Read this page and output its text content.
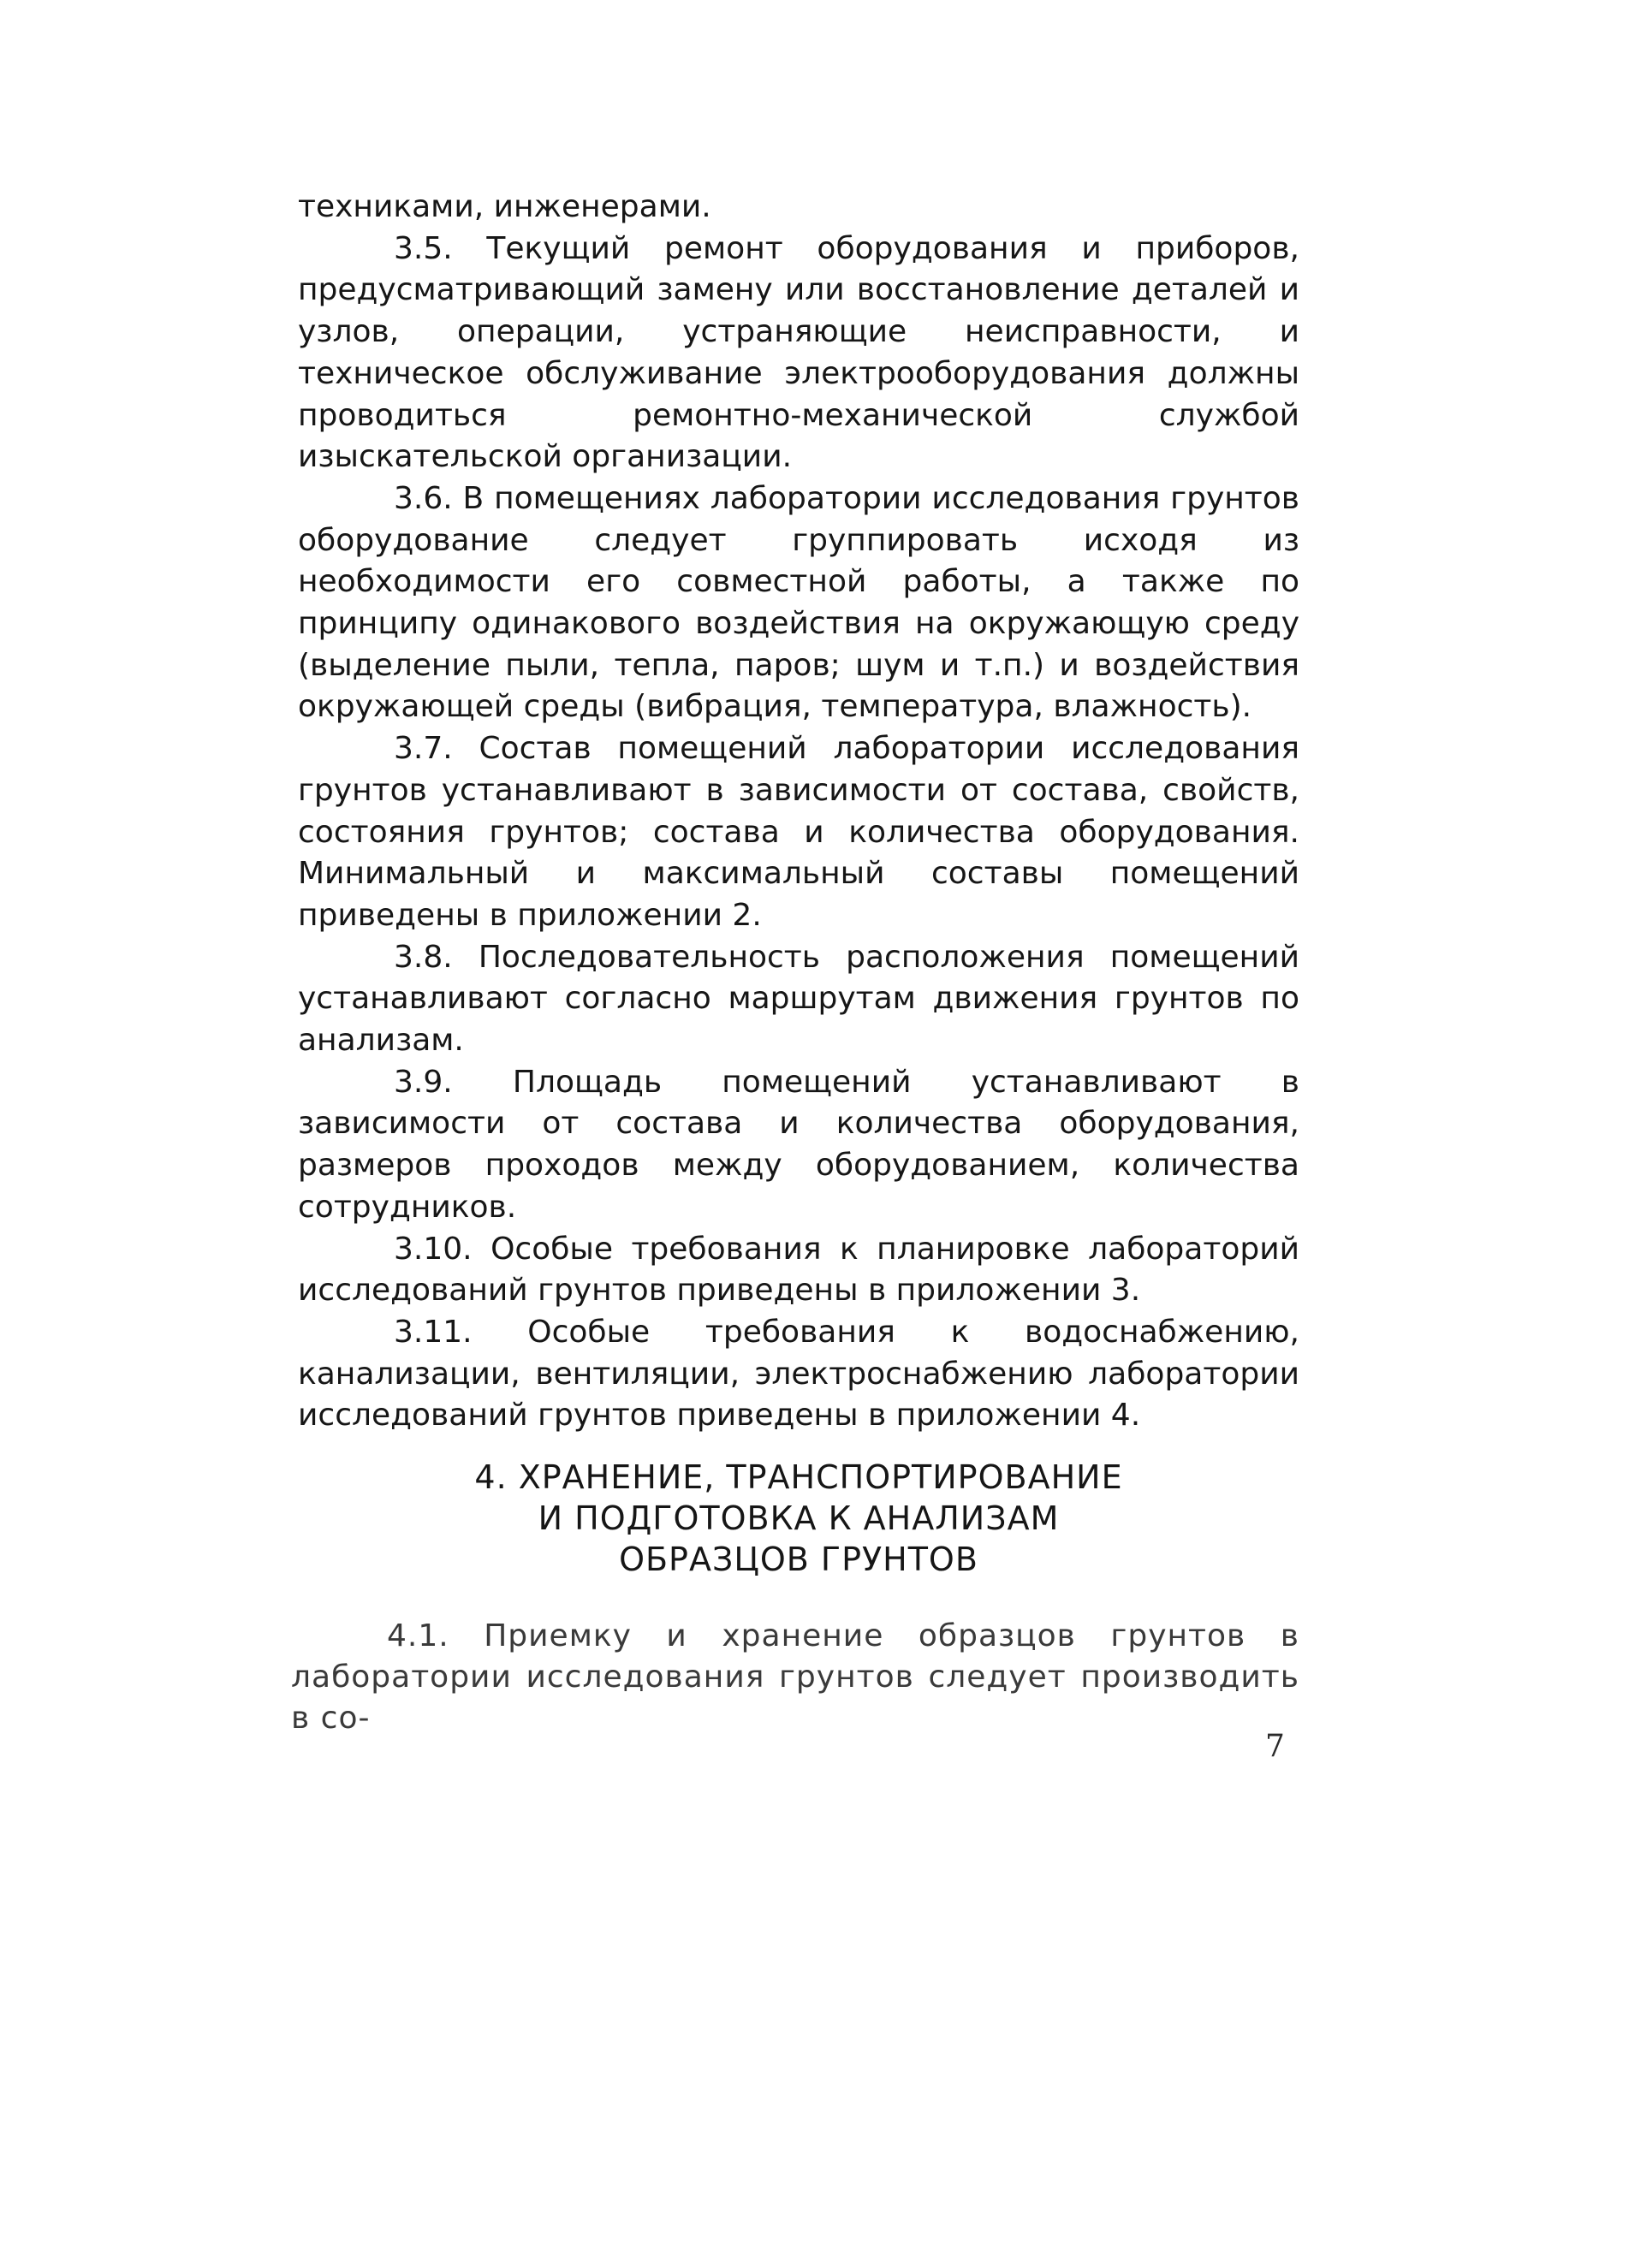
техниками, инженерами.

3.5. Текущий ремонт оборудования и приборов, предусматривающий замену или восстановление деталей и узлов, операции, устраняющие неисправности, и техническое обслуживание электрооборудования должны проводиться ремонтно-механической службой изыскательской организации.

3.6. В помещениях лаборатории исследования грунтов оборудование следует группировать исходя из необходимости его совместной работы, а также по принципу одинакового воздействия на окружающую среду (выделение пыли, тепла, паров; шум и т.п.) и воздействия окружающей среды (вибрация, температура, влажность).

3.7. Состав помещений лаборатории исследования грунтов устанавливают в зависимости от состава, свойств, состояния грунтов; состава и количества оборудования. Минимальный и максимальный составы помещений приведены в приложении 2.

3.8. Последовательность расположения помещений устанавливают согласно маршрутам движения грунтов по анализам.

3.9. Площадь помещений устанавливают в зависимости от состава и количества оборудования, размеров проходов между оборудованием, количества сотрудников.

3.10. Особые требования к планировке лабораторий исследований грунтов приведены в приложении 3.

3.11. Особые требования к водоснабжению, канализации, вентиляции, электроснабжению лаборатории исследований грунтов приведены в приложении 4.

4. ХРАНЕНИЕ, ТРАНСПОРТИРОВАНИЕ
И ПОДГОТОВКА К АНАЛИЗАМ
ОБРАЗЦОВ ГРУНТОВ

4.1. Приемку и хранение образцов грунтов в лаборатории исследования грунтов следует производить в со-

7
